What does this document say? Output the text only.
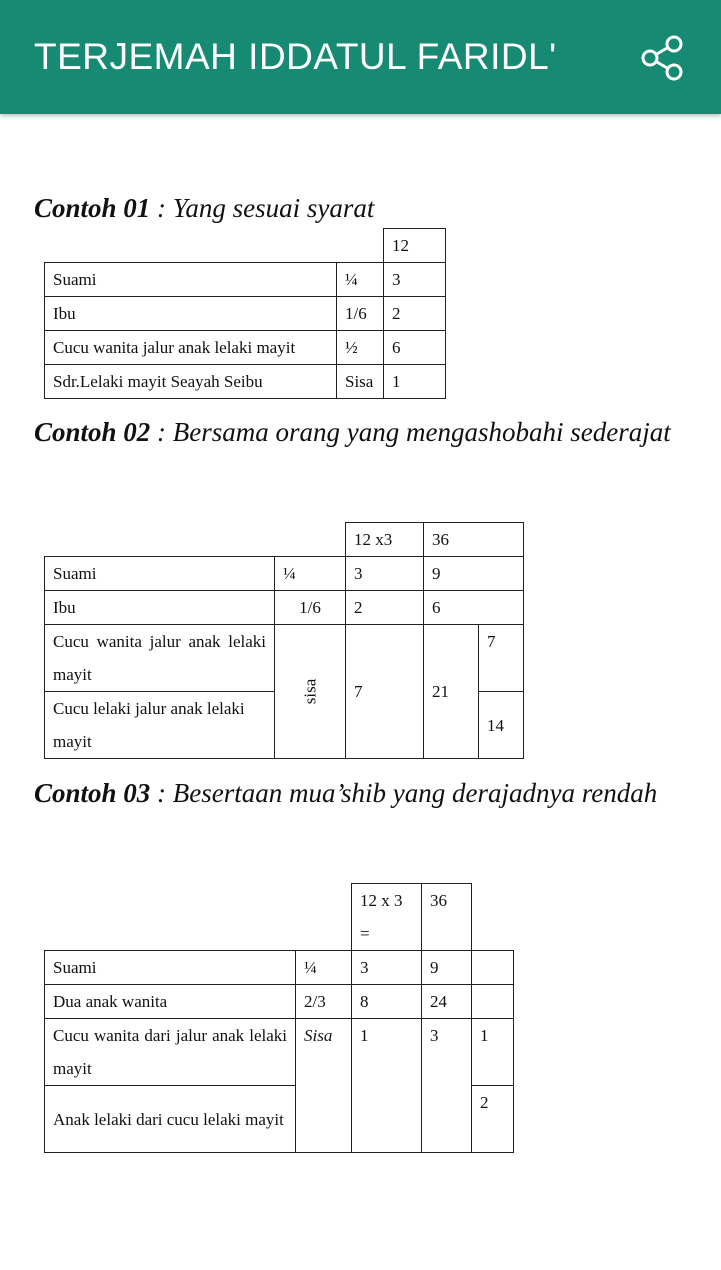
TERJEMAH IDDATUL FARIDL'
Contoh 01 : Yang sesuai syarat
		12
Suami	¼	3
Ibu	1/6	2
Cucu wanita jalur anak lelaki mayit	½	6
Sdr.Lelaki mayit Seayah Seibu	Sisa	1
Contoh 02 : Bersama orang yang mengashobahi sederajat
		12 x3	36	
Suami	¼	3	9	
Ibu	1/6	2	6	
Cucu wanita jalur anak lelaki mayit	sisa	7	21	7
Cucu lelaki jalur anak lelaki mayit				14
Contoh 03 : Besertaan mua’shib yang derajadnya rendah
		12 x 3 =	36	
Suami	¼	3	9	
Dua anak wanita	2/3	8	24	
Cucu wanita dari jalur anak lelaki mayit	Sisa	1	3	1
Anak lelaki dari cucu lelaki mayit				2
